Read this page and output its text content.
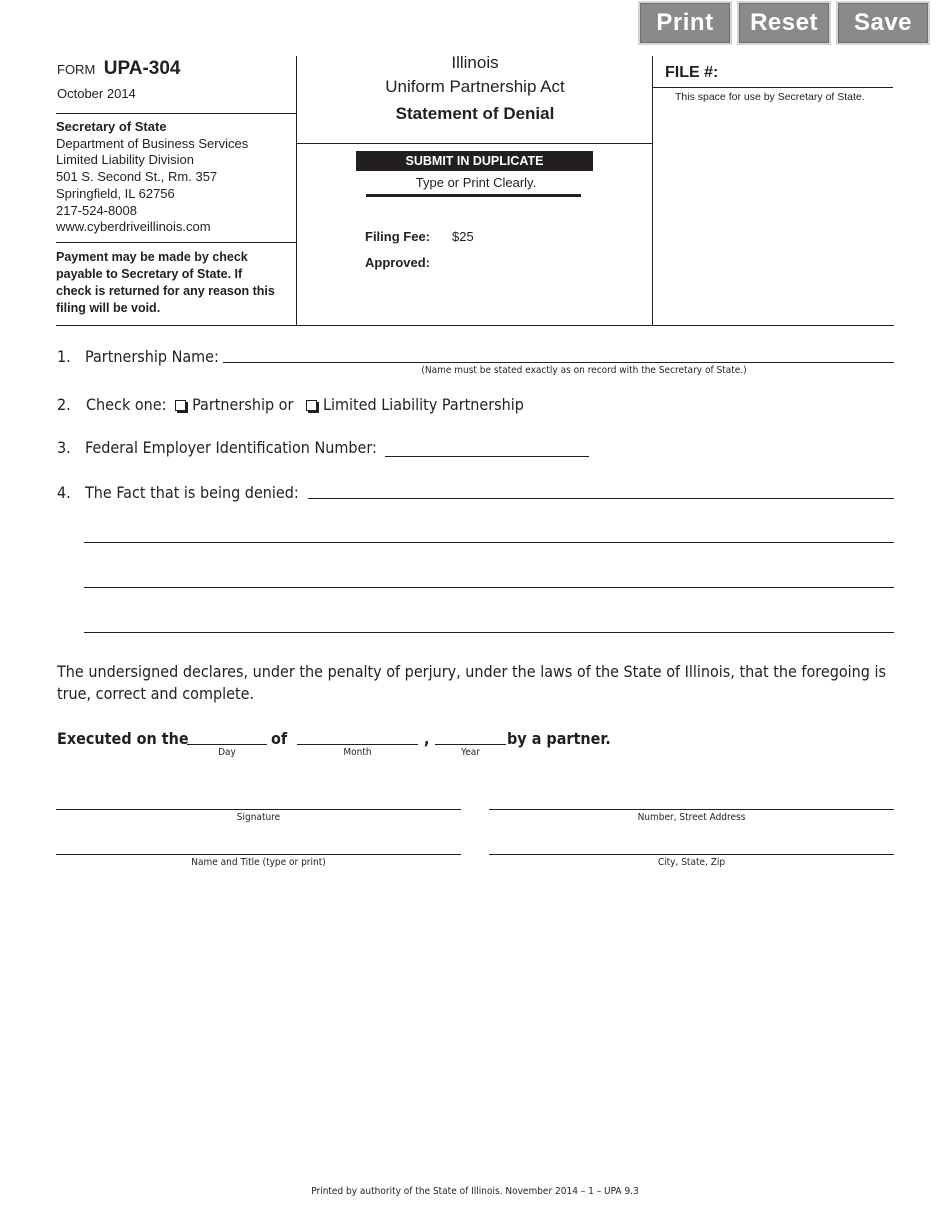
Print	Reset	Save
FORM UPA-304
October 2014
Secretary of State
Department of Business Services
Limited Liability Division
501 S. Second St., Rm. 357
Springfield, IL 62756
217-524-8008
www.cyberdriveillinois.com
Payment may be made by check payable to Secretary of State. If check is returned for any reason this filing will be void.
Illinois
Uniform Partnership Act
Statement of Denial
SUBMIT IN DUPLICATE
Type or Print Clearly.
Filing Fee: $25
Approved:
FILE #:
This space for use by Secretary of State.
1. Partnership Name:
(Name must be stated exactly as on record with the Secretary of State.)
2. Check one: Partnership or Limited Liability Partnership
3. Federal Employer Identification Number:
4. The Fact that is being denied:
The undersigned declares, under the penalty of perjury, under the laws of the State of Illinois, that the foregoing is true, correct and complete.
Executed on the
Day
of
Month
,
Year
by a partner.
Signature	Number, Street Address
Name and Title (type or print)	City, State, Zip
Printed by authority of the State of Illinois. November 2014 – 1 – UPA 9.3
